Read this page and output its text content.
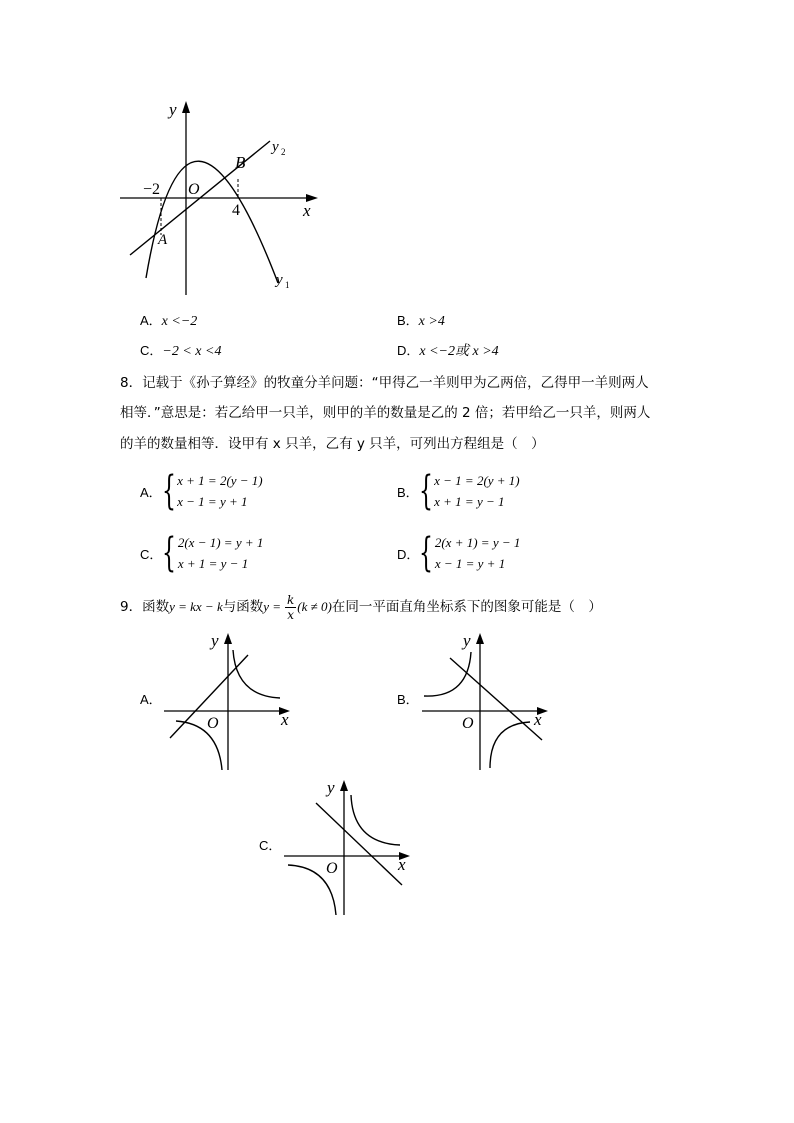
y
y 2
y 1
B
A
O
−2
4	x
A．x <−2	B．x >4
C．−2 < x <4	D．x <−2或 x >4
8．记载于《孙子算经》的牧童分羊问题：“甲得乙一羊则甲为乙两倍，乙得甲一羊则两人
相等．”意思是：若乙给甲一只羊，则甲的羊的数量是乙的 2 倍；若甲给乙一只羊，则两人
的羊的数量相等．设甲有 x 只羊，乙有 y 只羊，可列出方程组是（　）
A． { x + 1 = 2(y − 1)
x − 1 = y + 1
B． { x − 1 = 2(y + 1)
x + 1 = y − 1
C． { 2(x − 1) = y + 1
x + 1 = y − 1
D． { 2(x + 1) = y − 1
x − 1 = y + 1
9．函数 y = kx − k 与函数 $y = \frac{k}{x} (k \ne 0)$ 在同一平面直角坐标系下的图象可能是（　）
A．
y
O	x
B．
y
O	x
C．
y
O	x
